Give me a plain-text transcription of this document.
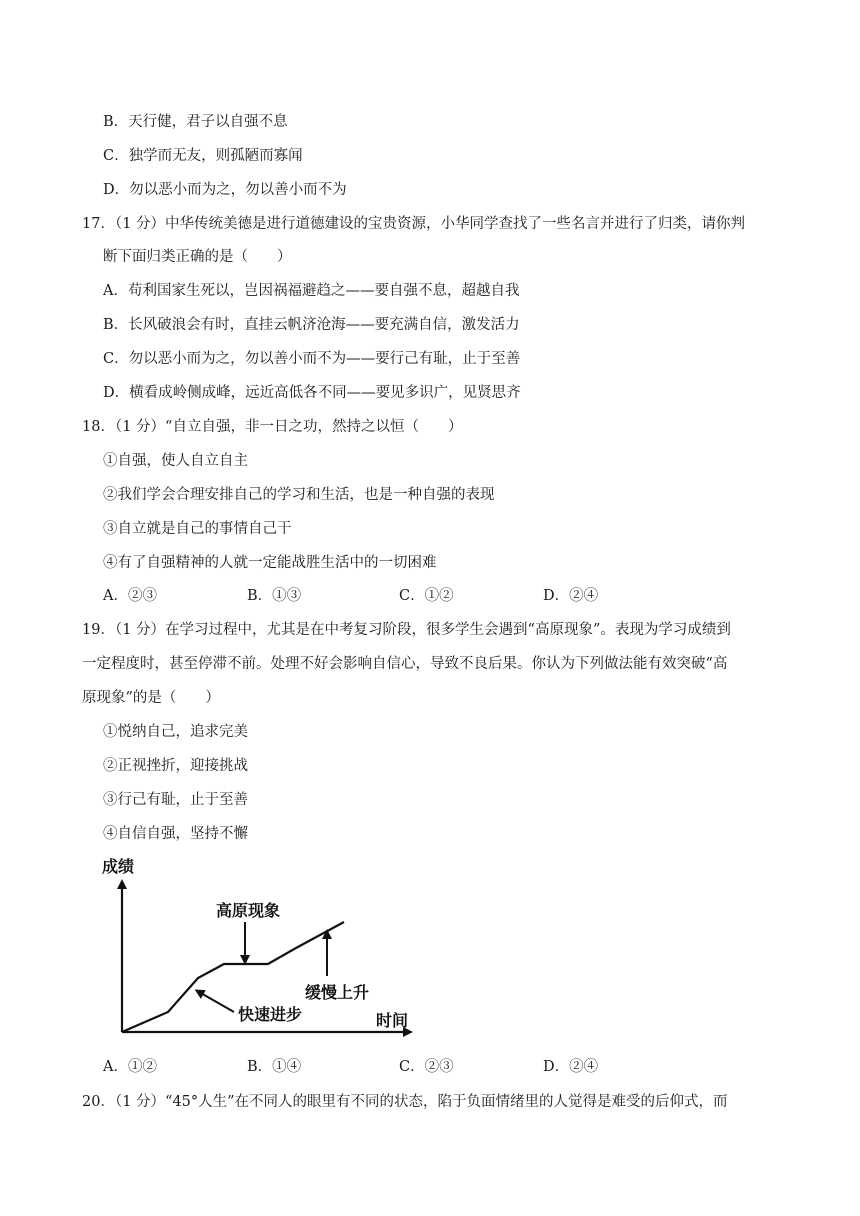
B．天行健，君子以自强不息
C．独学而无友，则孤陋而寡闻
D．勿以恶小而为之，勿以善小而不为
17．（1 分）中华传统美德是进行道德建设的宝贵资源，小华同学查找了一些名言并进行了归类，请你判
断下面归类正确的是（　　）
A．苟利国家生死以，岂因祸福避趋之——要自强不息，超越自我
B．长风破浪会有时，直挂云帆济沧海——要充满自信，激发活力
C．勿以恶小而为之，勿以善小而不为——要行己有耻，止于至善
D．横看成岭侧成峰，远近高低各不同——要见多识广，见贤思齐
18．（1 分）“自立自强，非一日之功，然持之以恒（　　）
①自强，使人自立自主
②我们学会合理安排自己的学习和生活，也是一种自强的表现
③自立就是自己的事情自己干
④有了自强精神的人就一定能战胜生活中的一切困难
A．②③	B．①③	C．①②	D．②④
19．（1 分）在学习过程中，尤其是在中考复习阶段，很多学生会遇到“高原现象”。表现为学习成绩到
一定程度时，甚至停滞不前。处理不好会影响自信心，导致不良后果。你认为下列做法能有效突破“高
原现象”的是（　　）
①悦纳自己，追求完美
②正视挫折，迎接挑战
③行己有耻，止于至善
④自信自强，坚持不懈
成绩
时间
高原现象
缓慢上升
快速进步
A．①②	B．①④	C．②③	D．②④
20．（1 分）“45°人生”在不同人的眼里有不同的状态，陷于负面情绪里的人觉得是难受的后仰式，而
